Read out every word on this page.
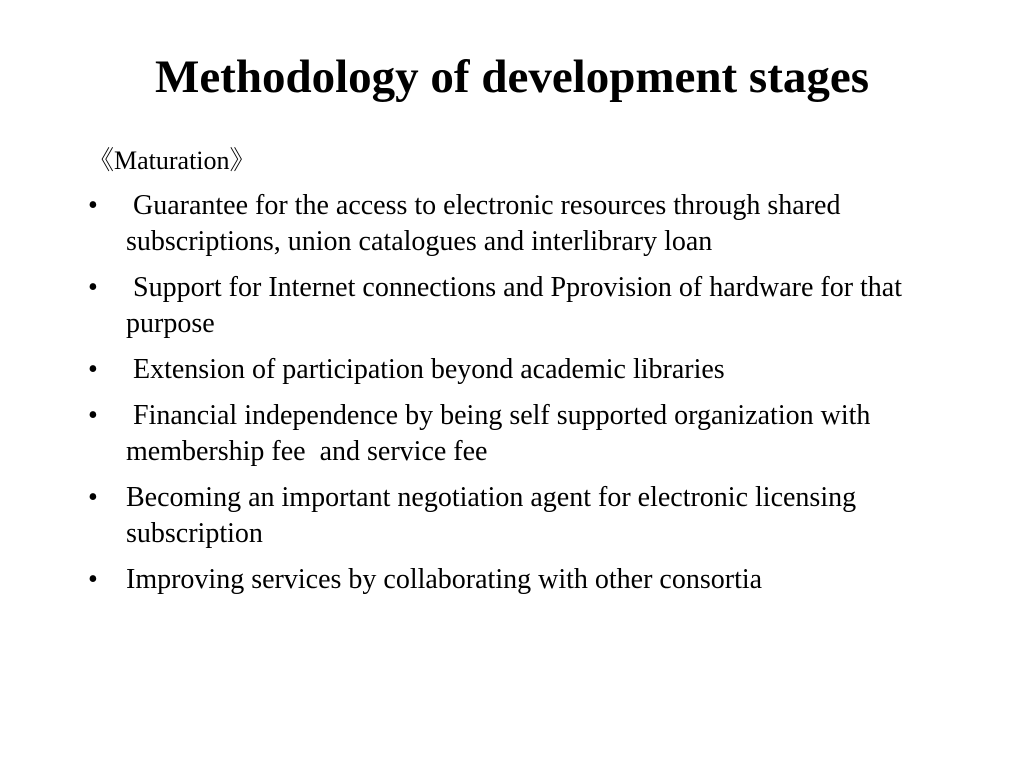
Methodology of development stages

《Maturation》

• Guarantee for the access to electronic resources through shared subscriptions, union catalogues and interlibrary loan
• Support for Internet connections and Pprovision of hardware for that purpose
• Extension of participation beyond academic libraries
• Financial independence by being self supported organization with membership fee  and service fee
• Becoming an important negotiation agent for electronic licensing subscription
• Improving services by collaborating with other consortia
